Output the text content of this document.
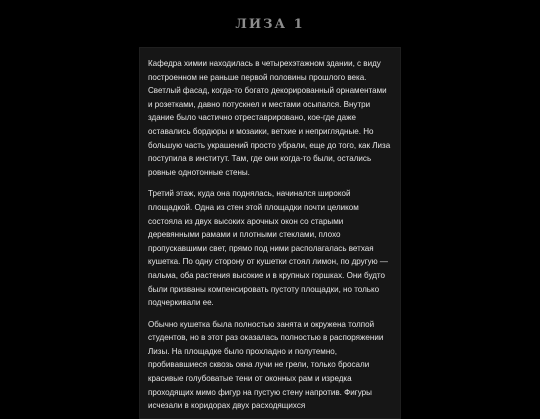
ЛИЗА 1

Кафедра химии находилась в четырехэтажном здании, с виду построенном не раньше первой половины прошлого века. Светлый фасад, когда-то богато декорированный орнаментами и розетками, давно потускнел и местами осыпался. Внутри здание было частично отреставрировано, кое-где даже оставались бордюры и мозаики, ветхие и неприглядные. Но большую часть украшений просто убрали, еще до того, как Лиза поступила в институт. Там, где они когда-то были, остались ровные однотонные стены.

Третий этаж, куда она поднялась, начинался широкой площадкой. Одна из стен этой площадки почти целиком состояла из двух высоких арочных окон со старыми деревянными рамами и плотными стеклами, плохо пропускавшими свет, прямо под ними располагалась ветхая кушетка. По одну сторону от кушетки стоял лимон, по другую — пальма, оба растения высокие и в крупных горшках. Они будто были призваны компенсировать пустоту площадки, но только подчеркивали ее.

Обычно кушетка была полностью занята и окружена толпой студентов, но в этот раз оказалась полностью в распоряжении Лизы. На площадке было прохладно и полутемно, пробивавшиеся сквозь окна лучи не грели, только бросали красивые голубоватые тени от оконных рам и изредка проходящих мимо фигур на пустую стену напротив. Фигуры исчезали в коридорах двух расходящихся
